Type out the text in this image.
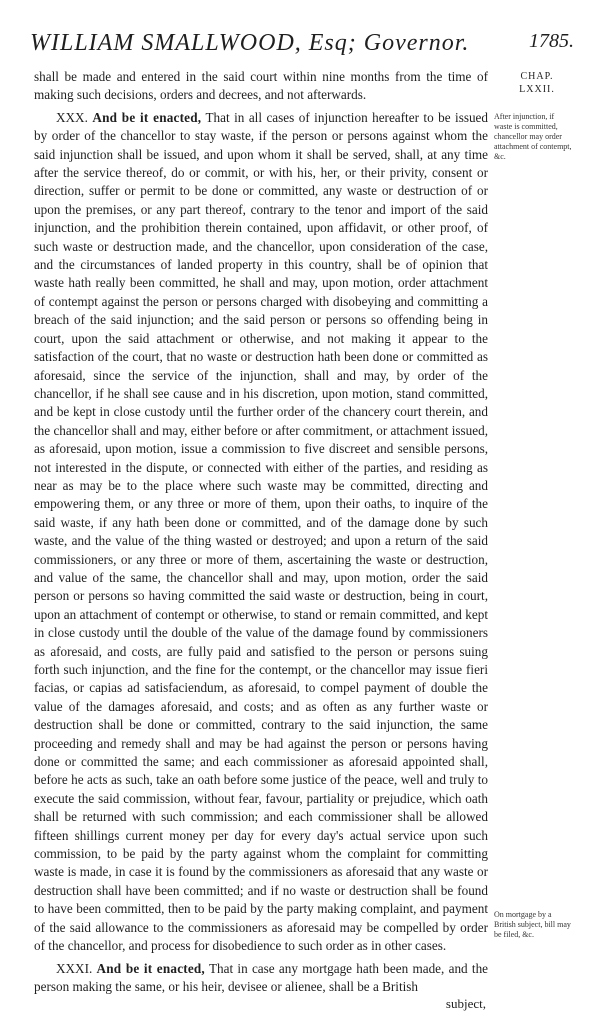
WILLIAM SMALLWOOD, Esq; Governor.	1785.
CHAP.
LXXII.
After injunction, if waste is committed, chancellor may order attachment of contempt, &c.
On mortgage by a British subject, bill may be filed, &c.

shall be made and entered in the said court within nine months from the time of making such decisions, orders and decrees, and not afterwards.

XXX. And be it enacted, That in all cases of injunction hereafter to be issued by order of the chancellor to stay waste, if the person or persons against whom the said injunction shall be issued, and upon whom it shall be served, shall, at any time after the service thereof, do or commit, or with his, her, or their privity, consent or direction, suffer or permit to be done or committed, any waste or destruction of or upon the premises, or any part thereof, contrary to the tenor and import of the said injunction, and the prohibition therein contained, upon affidavit, or other proof, of such waste or destruction made, and the chancellor, upon consideration of the case, and the circumstances of landed property in this country, shall be of opinion that waste hath really been committed, he shall and may, upon motion, order attachment of contempt against the person or persons charged with disobeying and committing a breach of the said injunction; and the said person or persons so offending being in court, upon the said attachment or otherwise, and not making it appear to the satisfaction of the court, that no waste or destruction hath been done or committed as aforesaid, since the service of the injunction, shall and may, by order of the chancellor, if he shall see cause and in his discretion, upon motion, stand committed, and be kept in close custody until the further order of the chancery court therein, and the chancellor shall and may, either before or after commitment, or attachment issued, as aforesaid, upon motion, issue a commission to five discreet and sensible persons, not interested in the dispute, or connected with either of the parties, and residing as near as may be to the place where such waste may be committed, directing and empowering them, or any three or more of them, upon their oaths, to inquire of the said waste, if any hath been done or committed, and of the damage done by such waste, and the value of the thing wasted or destroyed; and upon a return of the said commissioners, or any three or more of them, ascertaining the waste or destruction, and value of the same, the chancellor shall and may, upon motion, order the said person or persons so having committed the said waste or destruction, being in court, upon an attachment of contempt or otherwise, to stand or remain committed, and kept in close custody until the double of the value of the damage found by commissioners as aforesaid, and costs, are fully paid and satisfied to the person or persons suing forth such injunction, and the fine for the contempt, or the chancellor may issue fieri facias, or capias ad satisfaciendum, as aforesaid, to compel payment of double the value of the damages aforesaid, and costs; and as often as any further waste or destruction shall be done or committed, contrary to the said injunction, the same proceeding and remedy shall and may be had against the person or persons having done or committed the same; and each commissioner as aforesaid appointed shall, before he acts as such, take an oath before some justice of the peace, well and truly to execute the said commission, without fear, favour, partiality or prejudice, which oath shall be returned with such commission; and each commissioner shall be allowed fifteen shillings current money per day for every day's actual service upon such commission, to be paid by the party against whom the complaint for committing waste is made, in case it is found by the commissioners as aforesaid that any waste or destruction shall have been committed; and if no waste or destruction shall be found to have been committed, then to be paid by the party making complaint, and payment of the said allowance to the commissioners as aforesaid may be compelled by order of the chancellor, and process for disobedience to such order as in other cases.

XXXI. And be it enacted, That in case any mortgage hath been made, and the person making the same, or his heir, devisee or alienee, shall be a British

subject,
